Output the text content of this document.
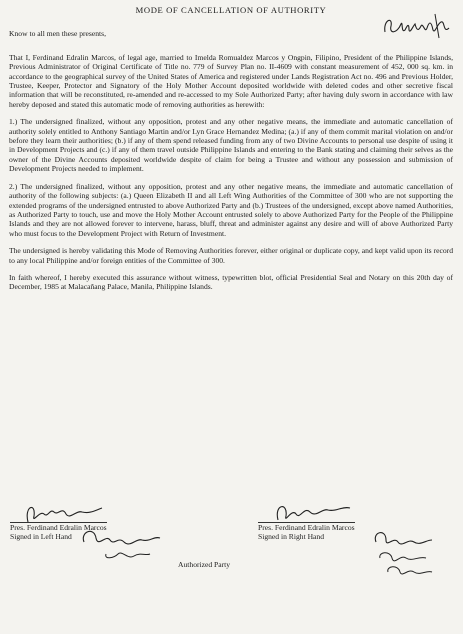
MODE OF CANCELLATION OF AUTHORITY

Know to all men these presents,

That I, Ferdinand Edralin Marcos, of legal age, married to Imelda Romualdez Marcos y Ongpin, Filipino, President of the Philippine Islands, Previous Administrator of Original Certificate of Title no. 779 of Survey Plan no. II-4609 with constant measurement of 452, 000 sq. km. in accordance to the geographical survey of the United States of America and registered under Lands Registration Act no. 496 and Previous Holder, Trustee, Keeper, Protector and Signatory of the Holy Mother Account deposited worldwide with deleted codes and other secretive fiscal information that will be reconstituted, re-amended and re-accessed to my Sole Authorized Party; after having duly sworn in accordance with law hereby deposed and stated this automatic mode of removing authorities as herewith:

1.) The undersigned finalized, without any opposition, protest and any other negative means, the immediate and automatic cancellation of authority solely entitled to Anthony Santiago Martin and/or Lyn Grace Hernandez Medina; (a.) if any of them commit marital violation on and/or before they learn their authorities; (b.) if any of them spend released funding from any of two Divine Accounts to personal use despite of using it in Development Projects and (c.) if any of them travel outside Philippine Islands and entering to the Bank stating and claiming their selves as the owner of the Divine Accounts deposited worldwide despite of claim for being a Trustee and without any possession and submission of Development Projects needed to implement.

2.) The undersigned finalized, without any opposition, protest and any other negative means, the immediate and automatic cancellation of authority of the following subjects: (a.) Queen Elizabeth II and all Left Wing Authorities of the Committee of 300 who are not supporting the extended programs of the undersigned entrusted to above Authorized Party and (b.) Trustees of the undersigned, except above named Authorities, as Authorized Party to touch, use and move the Holy Mother Account entrusted solely to above Authorized Party for the People of the Philippine Islands and they are not allowed forever to intervene, harass, bluff, threat and administer against any desire and will of above Authorized Party who must focus to the Development Project with Return of Investment.

The undersigned is hereby validating this Mode of Removing Authorities forever, either original or duplicate copy, and kept valid upon its record to any local Philippine and/or foreign entities of the Committee of 300.

In faith whereof, I hereby executed this assurance without witness, typewritten blot, official Presidential Seal and Notary on this 20th day of December, 1985 at Malacañang Palace, Manila, Philippine Islands.

Pres. Ferdinand Edralin Marcos
Signed in Left Hand
Pres. Ferdinand Edralin Marcos
Signed in Right Hand
Authorized Party
